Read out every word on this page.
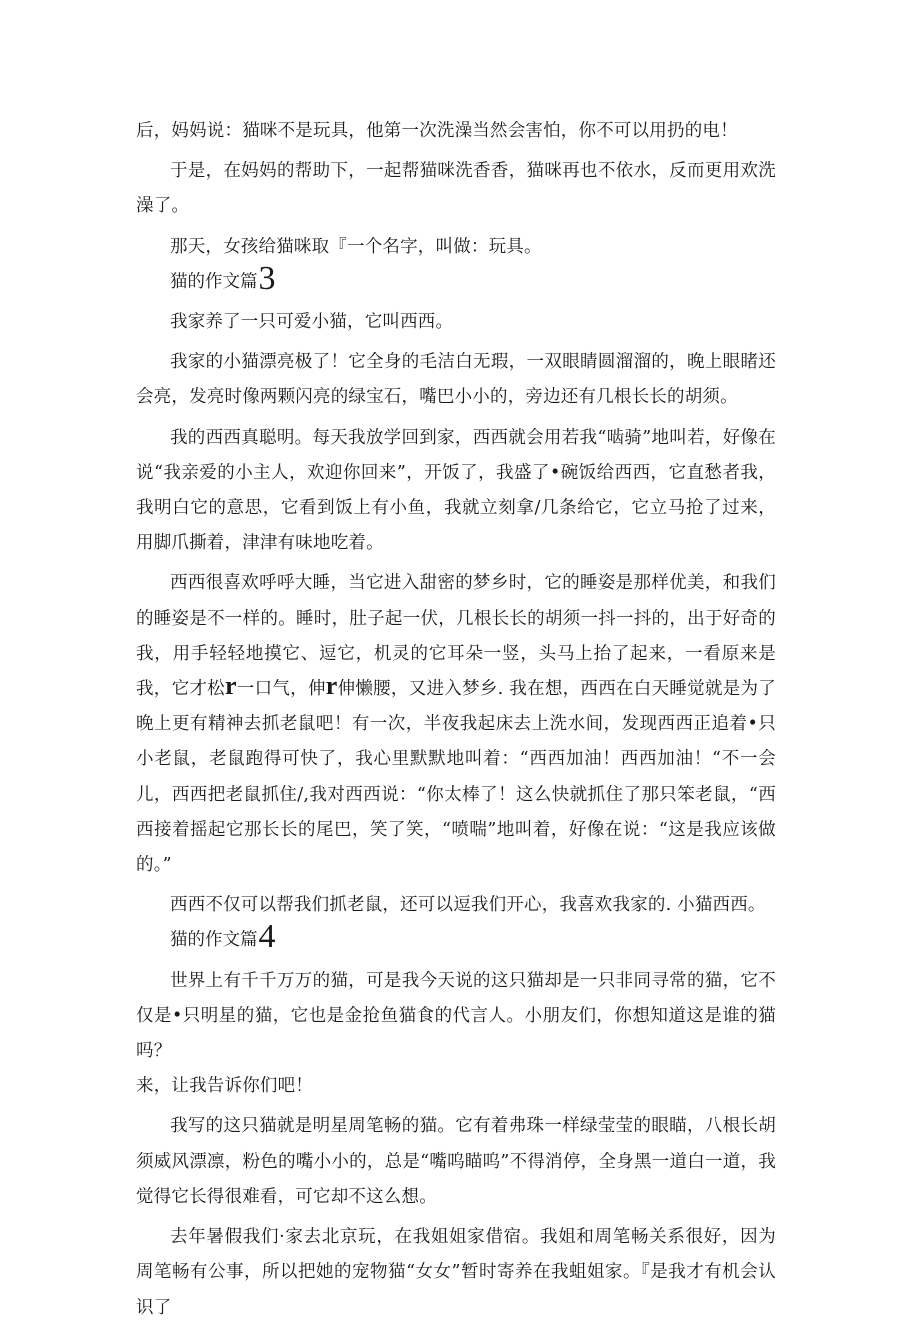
后，妈妈说：猫咪不是玩具，他第一次洗澡当然会害怕，你不可以用扔的电！

于是，在妈妈的帮助下，一起帮猫咪洗香香，猫咪再也不依水，反而更用欢洗澡了。

那天，女孩给猫咪取『一个名字，叫做：玩具。

猫的作文篇3

我家养了一只可爱小猫，它叫西西。

我家的小猫漂亮极了！它全身的毛洁白无瑕，一双眼睛圆溜溜的，晚上眼睹还会亮，发亮时像两颗闪亮的绿宝石，嘴巴小小的，旁边还有几根长长的胡须。

我的西西真聪明。每天我放学回到家，西西就会用若我“啮骑”地叫若，好像在说“我亲爱的小主人，欢迎你回来”，开饭了，我盛了•碗饭给西西，它直愁者我，我明白它的意思，它看到饭上有小鱼，我就立刻拿/几条给它，它立马抢了过来，用脚爪撕着，津津有味地吃着。

西西很喜欢呼呼大睡，当它进入甜密的梦乡时，它的睡姿是那样优美，和我们的睡姿是不一样的。睡时，肚子起一伏，几根长长的胡须一抖一抖的，出于好奇的我，用手轻轻地摸它、逗它，机灵的它耳朵一竖，头马上抬了起来，一看原来是我，它才松r一口气，伸r伸懒腰，又进入梦乡. 我在想，西西在白天睡觉就是为了晚上更有精神去抓老鼠吧！有一次，半夜我起床去上洗水间，发现西西正追着•只小老鼠，老鼠跑得可快了，我心里默默地叫着：“西西加油！西西加油！“不一会儿，西西把老鼠抓住/,我对西西说：“你太棒了！这么快就抓住了那只笨老鼠，“西西接着摇起它那长长的尾巴，笑了笑，“喷喘”地叫着，好像在说：“这是我应该做的。”

西西不仅可以帮我们抓老鼠，还可以逗我们开心，我喜欢我家的. 小猫西西。

猫的作文篇4

世界上有千千万万的猫，可是我今天说的这只猫却是一只非同寻常的猫，它不仅是•只明星的猫，它也是金抢鱼猫食的代言人。小朋友们，你想知道这是谁的猫吗？

来，让我告诉你们吧！

我写的这只猫就是明星周笔畅的猫。它有着弗珠一样绿莹莹的眼瞄，八根长胡须威风漂凛，粉色的嘴小小的，总是“嘴呜瞄呜”不得消停，全身黑一道白一道，我觉得它长得很难看，可它却不这么想。

去年暑假我们·家去北京玩，在我姐姐家借宿。我姐和周笔畅关系很好，因为周笔畅有公事，所以把她的宠物猫“女女”暂时寄养在我蛆姐家。『是我才有机会认识了
